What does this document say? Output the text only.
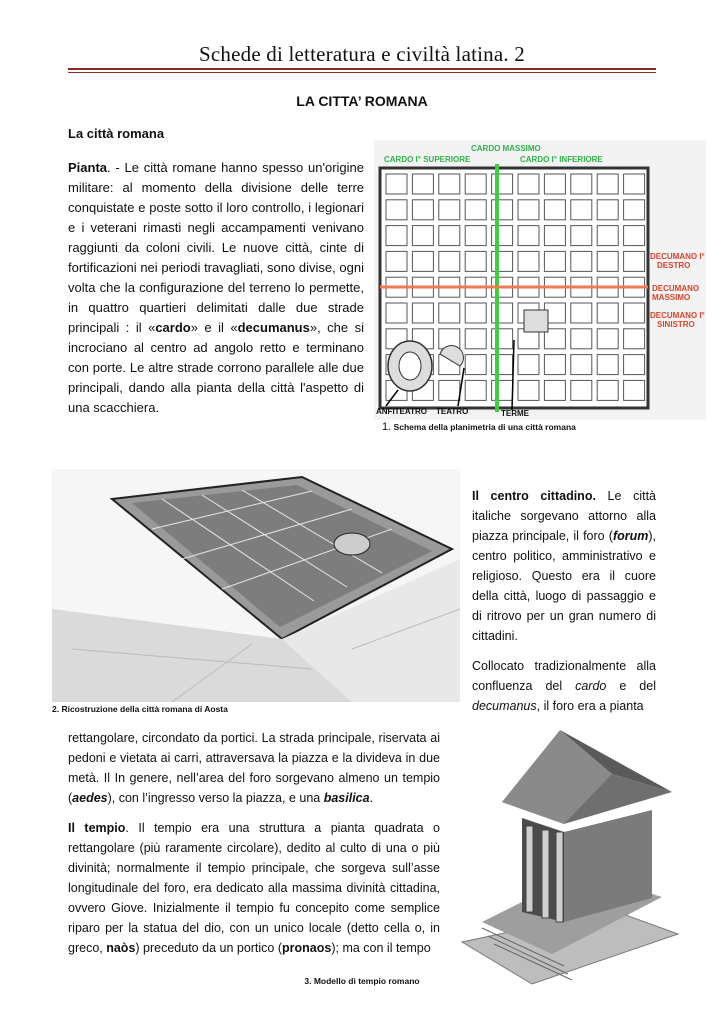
Schede di letteratura e civiltà latina. 2
LA CITTA’ ROMANA
La città romana

Pianta. - Le città romane hanno spesso un'origine militare: al momento della divisione delle terre conquistate e poste sotto il loro controllo, i legionari e i veterani rimasti negli accampamenti venivano raggiunti da coloni civili. Le nuove città, cinte di fortificazioni nei periodi travagliati, sono divise, ogni volta che la configurazione del terreno lo permette, in quattro quartieri delimitati dalle due strade principali : il «cardo» e il «decumanus», che si incrociano al centro ad angolo retto e terminano con porte. Le altre strade corrono parallele alle due principali, dando alla pianta della città l'aspetto di una scacchiera.

CARDO MASSIMO
CARDO I° SUPERIORE	CARDO I° INFERIORE
DECUMANO I°
DESTRO
DECUMANO
MASSIMO
DECUMANO I°
SINISTRO
ANFITEATRO TEATRO	TERME
1. Schema della planimetria di una città romana
2. Ricostruzione della città romana di Aosta

Il centro cittadino. Le città italiche sorgevano attorno alla piazza principale, il foro (forum), centro politico, amministrativo e religioso. Questo era il cuore della città, luogo di passaggio e di ritrovo per un gran numero di cittadini.

Collocato tradizionalmente alla confluenza del cardo e del decumanus, il foro era a pianta

rettangolare, circondato da portici. La strada principale, riservata ai pedoni e vietata ai carri, attraversava la piazza e la divideva in due metà. Il In genere, nell’area del foro sorgevano almeno un tempio (aedes), con l’ingresso verso la piazza, e una basilica.

Il tempio. Il tempio era una struttura a pianta quadrata o rettangolare (più raramente circolare), dedito al culto di una o più divinità; normalmente il tempio principale, che sorgeva sull’asse longitudinale del foro, era dedicato alla massima divinità cittadina, ovvero Giove. Inizialmente il tempio fu concepito come semplice riparo per la statua del dio, con un unico locale (detto cella o, in greco, naòs) preceduto da un portico (pronaos); ma con il tempo

3. Modello di tempio romano
